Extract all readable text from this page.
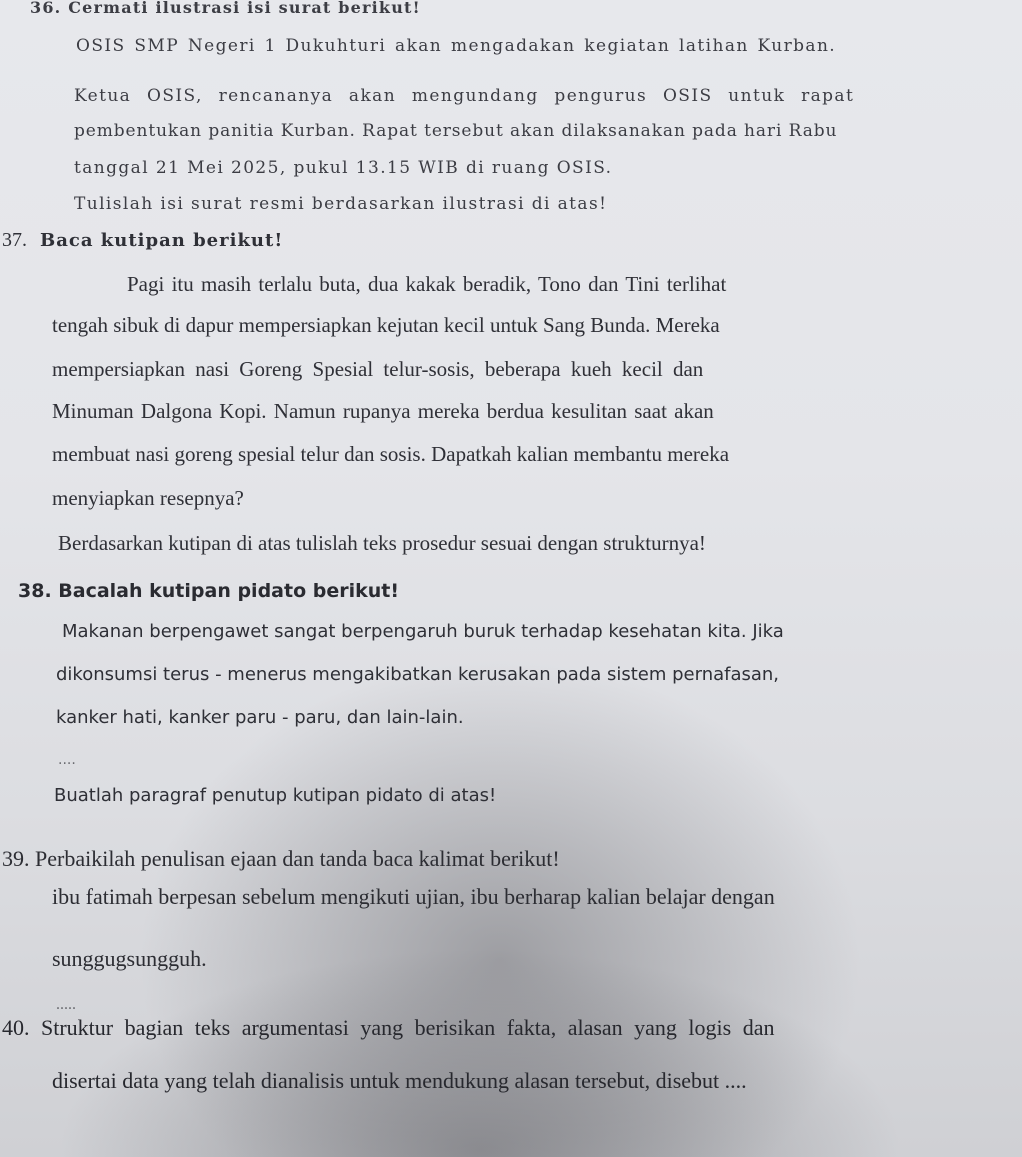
36. Cermati ilustrasi isi surat berikut!

OSIS SMP Negeri 1 Dukuhturi akan mengadakan kegiatan latihan Kurban.

Ketua OSIS, rencananya akan mengundang pengurus OSIS untuk rapat

pembentukan panitia Kurban. Rapat tersebut akan dilaksanakan pada hari Rabu

tanggal 21 Mei 2025, pukul 13.15 WIB di ruang OSIS.

Tulislah isi surat resmi berdasarkan ilustrasi di atas!

37. Baca kutipan berikut!

Pagi itu masih terlalu buta, dua kakak beradik, Tono dan Tini terlihat

tengah sibuk di dapur mempersiapkan kejutan kecil untuk Sang Bunda. Mereka

mempersiapkan nasi Goreng Spesial telur-sosis, beberapa kueh kecil dan

Minuman Dalgona Kopi. Namun rupanya mereka berdua kesulitan saat akan

membuat nasi goreng spesial telur dan sosis. Dapatkah kalian membantu mereka

menyiapkan resepnya?

Berdasarkan kutipan di atas tulislah teks prosedur sesuai dengan strukturnya!

38. Bacalah kutipan pidato berikut!

Makanan berpengawet sangat berpengaruh buruk terhadap kesehatan kita. Jika

dikonsumsi terus - menerus mengakibatkan kerusakan pada sistem pernafasan,

kanker hati, kanker paru - paru, dan lain-lain.

....

Buatlah paragraf penutup kutipan pidato di atas!

39. Perbaikilah penulisan ejaan dan tanda baca kalimat berikut!

ibu fatimah berpesan sebelum mengikuti ujian, ibu berharap kalian belajar dengan

sunggugsungguh.

.....

40. Struktur bagian teks argumentasi yang berisikan fakta, alasan yang logis dan

disertai data yang telah dianalisis untuk mendukung alasan tersebut, disebut ....
